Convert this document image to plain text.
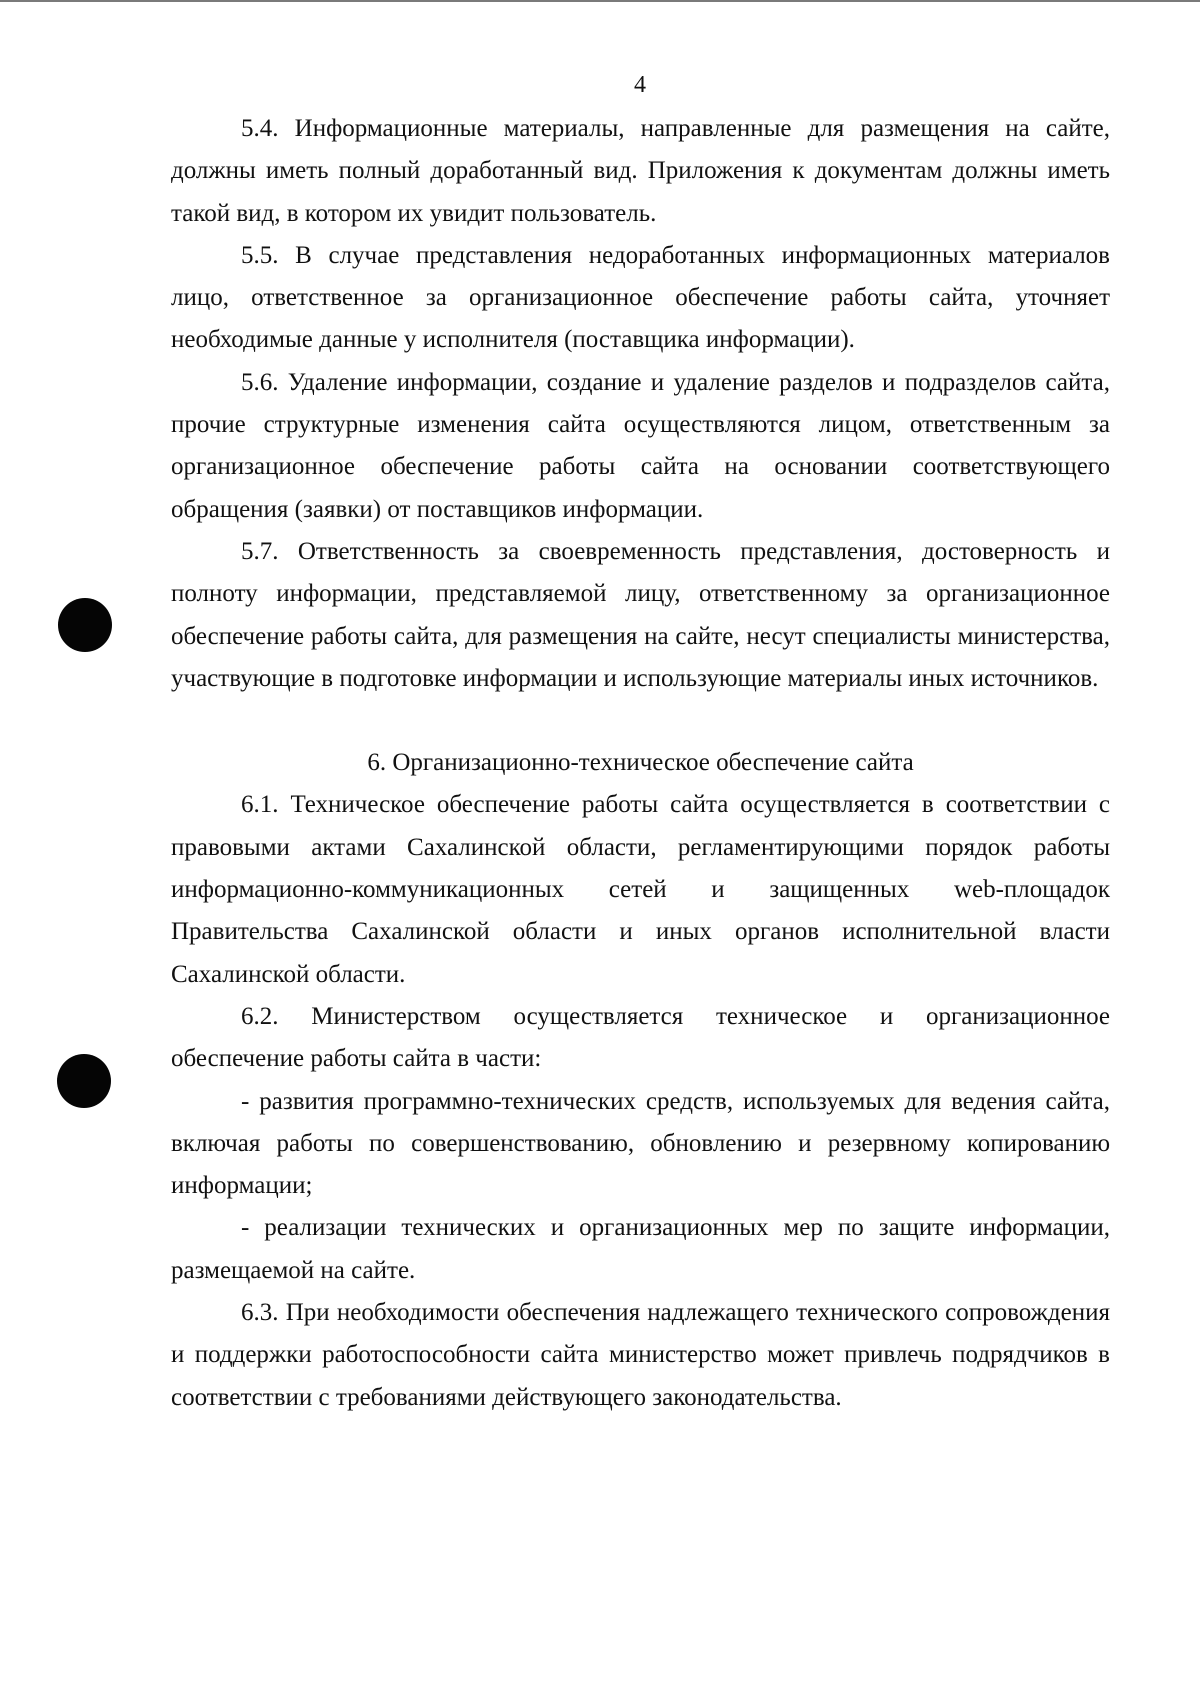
4

5.4. Информационные материалы, направленные для размещения на сайте, должны иметь полный доработанный вид. Приложения к документам должны иметь такой вид, в котором их увидит пользователь.

5.5. В случае представления недоработанных информационных материалов лицо, ответственное за организационное обеспечение работы сайта, уточняет необходимые данные у исполнителя (поставщика информации).

5.6. Удаление информации, создание и удаление разделов и подразделов сайта, прочие структурные изменения сайта осуществляются лицом, ответственным за организационное обеспечение работы сайта на основании соответствующего обращения (заявки) от поставщиков информации.

5.7. Ответственность за своевременность представления, достоверность и полноту информации, представляемой лицу, ответственному за организационное обеспечение работы сайта, для размещения на сайте, несут специалисты министерства, участвующие в подготовке информации и использующие материалы иных источников.

6. Организационно-техническое обеспечение сайта

6.1. Техническое обеспечение работы сайта осуществляется в соответствии с правовыми актами Сахалинской области, регламентирующими порядок работы информационно-коммуникационных сетей и защищенных web-площадок Правительства Сахалинской области и иных органов исполнительной власти Сахалинской области.

6.2. Министерством осуществляется техническое и организационное обеспечение работы сайта в части:

- развития программно-технических средств, используемых для ведения сайта, включая работы по совершенствованию, обновлению и резервному копированию информации;

- реализации технических и организационных мер по защите информации, размещаемой на сайте.

6.3. При необходимости обеспечения надлежащего технического сопровождения и поддержки работоспособности сайта министерство может привлечь подрядчиков в соответствии с требованиями действующего законодательства.
